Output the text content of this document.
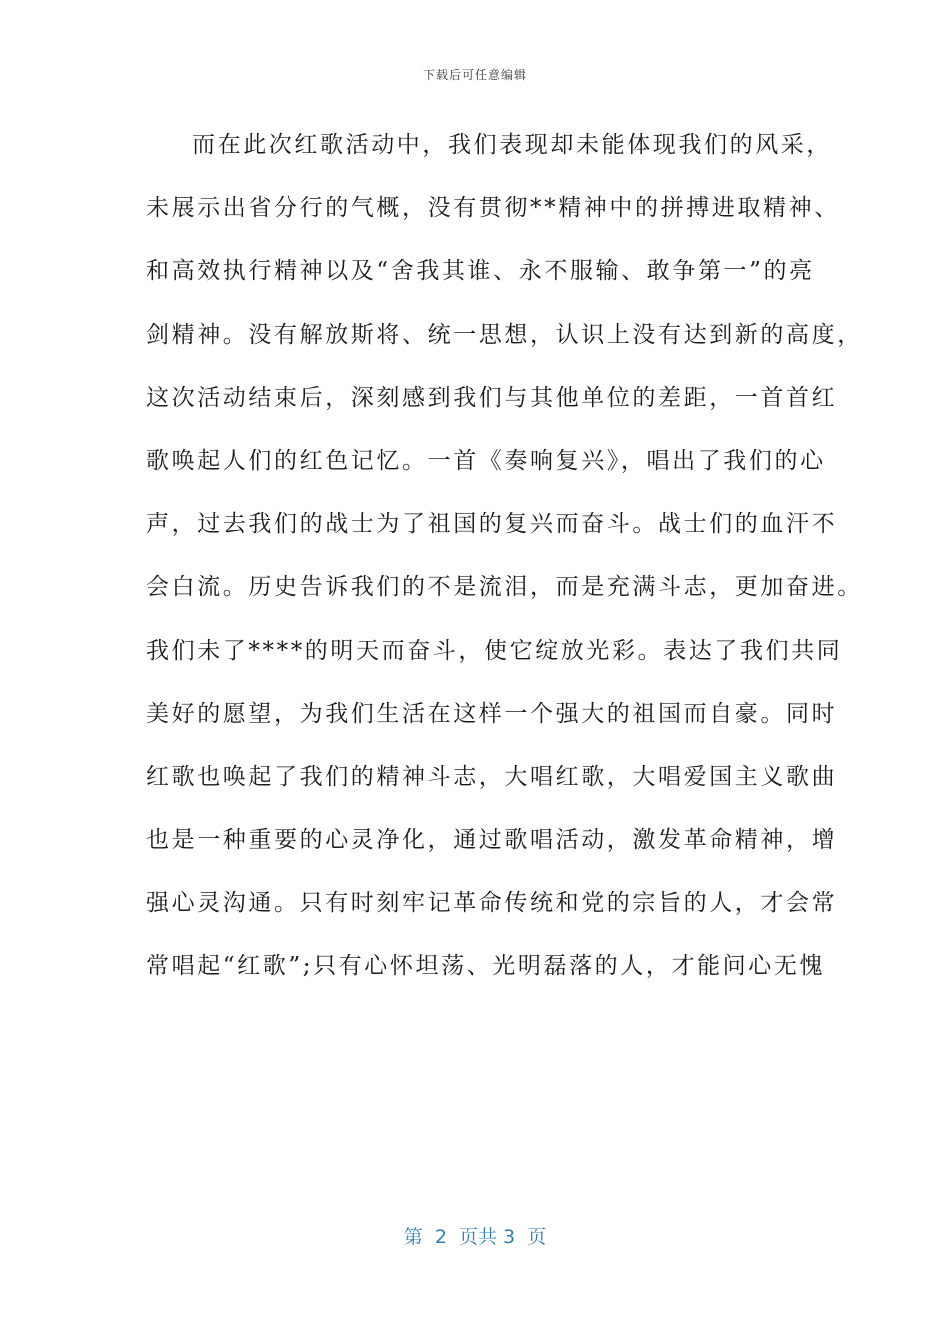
下载后可任意编辑
而在此次红歌活动中，我们表现却未能体现我们的风采，
未展示出省分行的气概，没有贯彻**精神中的拼搏进取精神、
和高效执行精神以及“舍我其谁、永不服输、敢争第一”的亮
剑精神。没有解放斯将、统一思想，认识上没有达到新的高度，
这次活动结束后，深刻感到我们与其他单位的差距，一首首红
歌唤起人们的红色记忆。一首《奏响复兴》，唱出了我们的心
声，过去我们的战士为了祖国的复兴而奋斗。战士们的血汗不
会白流。历史告诉我们的不是流泪，而是充满斗志，更加奋进。
我们未了****的明天而奋斗，使它绽放光彩。表达了我们共同
美好的愿望，为我们生活在这样一个强大的祖国而自豪。同时
红歌也唤起了我们的精神斗志，大唱红歌，大唱爱国主义歌曲
也是一种重要的心灵净化，通过歌唱活动，激发革命精神，增
强心灵沟通。只有时刻牢记革命传统和党的宗旨的人，才会常
常唱起“红歌”;只有心怀坦荡、光明磊落的人，才能问心无愧
第  2  页共 3  页
